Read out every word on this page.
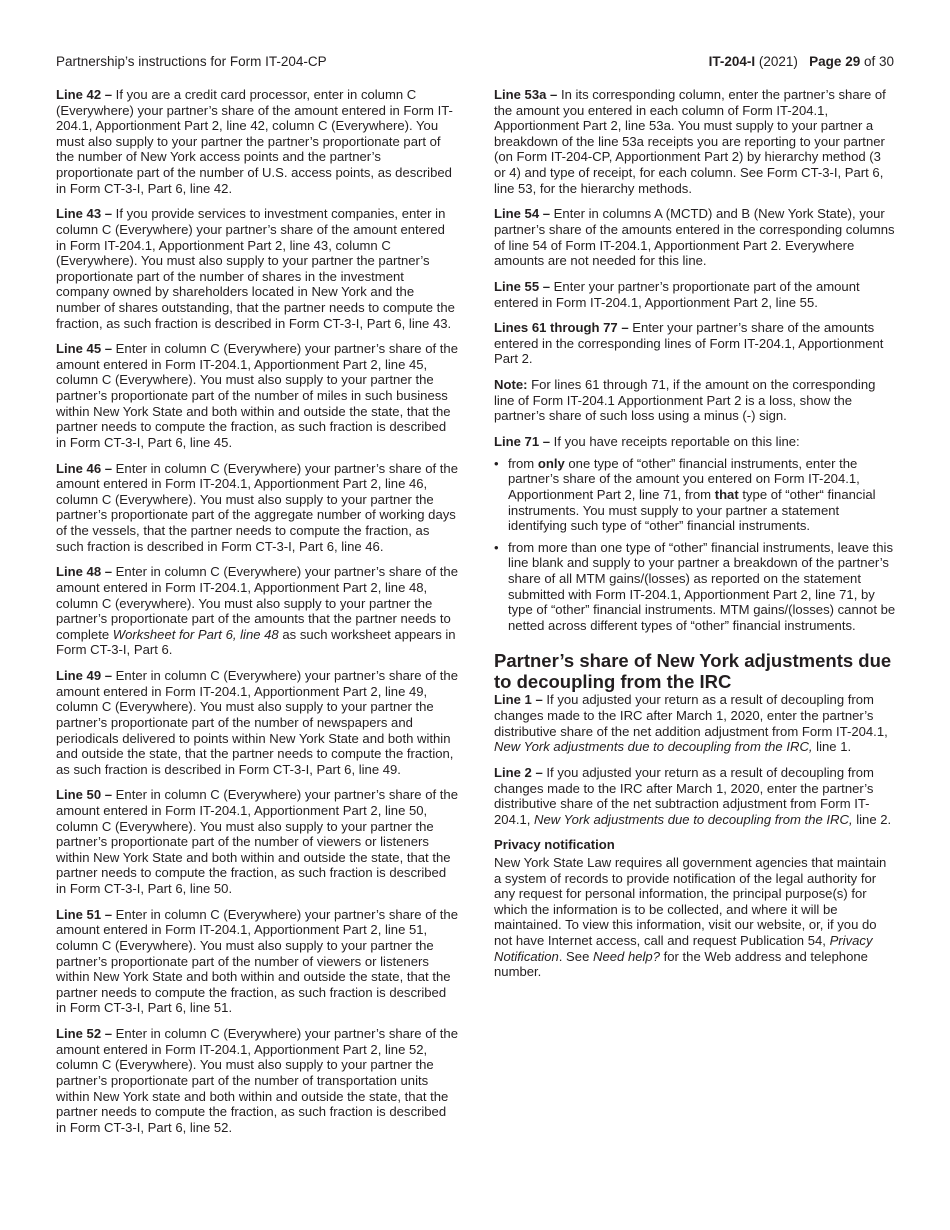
Partnership’s instructions for Form IT-204-CP	IT-204-I (2021) Page 29 of 30

Line 42 – If you are a credit card processor, enter in column C (Everywhere) your partner’s share of the amount entered in Form IT-204.1, Apportionment Part 2, line 42, column C (Everywhere). You must also supply to your partner the partner’s proportionate part of the number of New York access points and the partner’s proportionate part of the number of U.S. access points, as described in Form CT-3-I, Part 6, line 42.

Line 43 – If you provide services to investment companies, enter in column C (Everywhere) your partner’s share of the amount entered in Form IT-204.1, Apportionment Part 2, line 43, column C (Everywhere). You must also supply to your partner the partner’s proportionate part of the number of shares in the investment company owned by shareholders located in New York and the number of shares outstanding, that the partner needs to compute the fraction, as such fraction is described in Form CT-3-I, Part 6, line 43.

Line 45 – Enter in column C (Everywhere) your partner’s share of the amount entered in Form IT-204.1, Apportionment Part 2, line 45, column C (Everywhere). You must also supply to your partner the partner’s proportionate part of the number of miles in such business within New York State and both within and outside the state, that the partner needs to compute the fraction, as such fraction is described in Form CT-3-I, Part 6, line 45.

Line 46 – Enter in column C (Everywhere) your partner’s share of the amount entered in Form IT-204.1, Apportionment Part 2, line 46, column C (Everywhere). You must also supply to your partner the partner’s proportionate part of the aggregate number of working days of the vessels, that the partner needs to compute the fraction, as such fraction is described in Form CT-3-I, Part 6, line 46.

Line 48 – Enter in column C (Everywhere) your partner’s share of the amount entered in Form IT-204.1, Apportionment Part 2, line 48, column C (everywhere). You must also supply to your partner the partner’s proportionate part of the amounts that the partner needs to complete Worksheet for Part 6, line 48 as such worksheet appears in Form CT-3-I, Part 6.

Line 49 – Enter in column C (Everywhere) your partner’s share of the amount entered in Form IT-204.1, Apportionment Part 2, line 49, column C (Everywhere). You must also supply to your partner the partner’s proportionate part of the number of newspapers and periodicals delivered to points within New York State and both within and outside the state, that the partner needs to compute the fraction, as such fraction is described in Form CT-3-I, Part 6, line 49.

Line 50 – Enter in column C (Everywhere) your partner’s share of the amount entered in Form IT-204.1, Apportionment Part 2, line 50, column C (Everywhere). You must also supply to your partner the partner’s proportionate part of the number of viewers or listeners within New York State and both within and outside the state, that the partner needs to compute the fraction, as such fraction is described in Form CT-3-I, Part 6, line 50.

Line 51 – Enter in column C (Everywhere) your partner’s share of the amount entered in Form IT-204.1, Apportionment Part 2, line 51, column C (Everywhere). You must also supply to your partner the partner’s proportionate part of the number of viewers or listeners within New York State and both within and outside the state, that the partner needs to compute the fraction, as such fraction is described in Form CT-3-I, Part 6, line 51.

Line 52 – Enter in column C (Everywhere) your partner’s share of the amount entered in Form IT-204.1, Apportionment Part 2, line 52, column C (Everywhere). You must also supply to your partner the partner’s proportionate part of the number of transportation units within New York state and both within and outside the state, that the partner needs to compute the fraction, as such fraction is described in Form CT-3-I, Part 6, line 52.

Line 53a – In its corresponding column, enter the partner’s share of the amount you entered in each column of Form IT-204.1, Apportionment Part 2, line 53a. You must supply to your partner a breakdown of the line 53a receipts you are reporting to your partner (on Form IT-204-CP, Apportionment Part 2) by hierarchy method (3 or 4) and type of receipt, for each column. See Form CT-3-I, Part 6, line 53, for the hierarchy methods.

Line 54 – Enter in columns A (MCTD) and B (New York State), your partner’s share of the amounts entered in the corresponding columns of line 54 of Form IT-204.1, Apportionment Part 2. Everywhere amounts are not needed for this line.

Line 55 – Enter your partner’s proportionate part of the amount entered in Form IT-204.1, Apportionment Part 2, line 55.

Lines 61 through 77 – Enter your partner’s share of the amounts entered in the corresponding lines of Form IT-204.1, Apportionment Part 2.

Note: For lines 61 through 71, if the amount on the corresponding line of Form IT-204.1 Apportionment Part 2 is a loss, show the partner’s share of such loss using a minus (-) sign.

Line 71 – If you have receipts reportable on this line:

• from only one type of “other” financial instruments, enter the partner’s share of the amount you entered on Form IT-204.1, Apportionment Part 2, line 71, from that type of “other“ financial instruments. You must supply to your partner a statement identifying such type of “other” financial instruments.
• from more than one type of “other” financial instruments, leave this line blank and supply to your partner a breakdown of the partner’s share of all MTM gains/(losses) as reported on the statement submitted with Form IT-204.1, Apportionment Part 2, line 71, by type of “other” financial instruments. MTM gains/(losses) cannot be netted across different types of “other” financial instruments.
Partner’s share of New York adjustments due to decoupling from the IRC

Line 1 – If you adjusted your return as a result of decoupling from changes made to the IRC after March 1, 2020, enter the partner’s distributive share of the net addition adjustment from Form IT-204.1, New York adjustments due to decoupling from the IRC, line 1.

Line 2 – If you adjusted your return as a result of decoupling from changes made to the IRC after March 1, 2020, enter the partner’s distributive share of the net subtraction adjustment from Form IT-204.1, New York adjustments due to decoupling from the IRC, line 2.

Privacy notification

New York State Law requires all government agencies that maintain a system of records to provide notification of the legal authority for any request for personal information, the principal purpose(s) for which the information is to be collected, and where it will be maintained. To view this information, visit our website, or, if you do not have Internet access, call and request Publication 54, Privacy Notification. See Need help? for the Web address and telephone number.
